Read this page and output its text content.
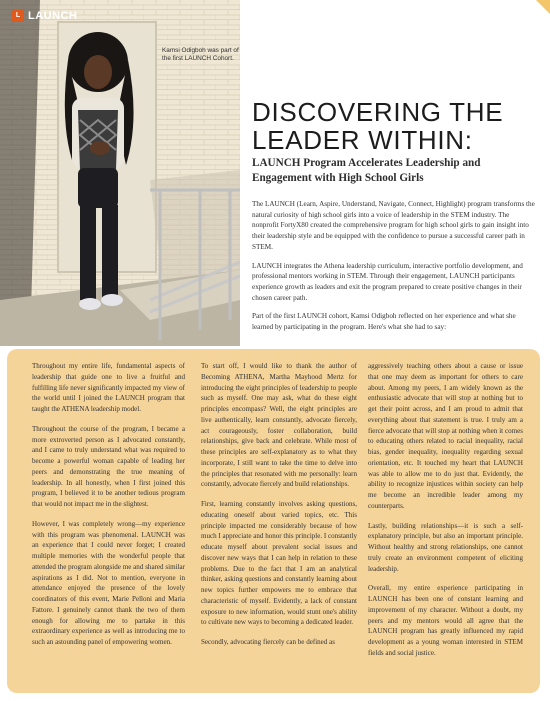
L LAUNCH

Kamsi Odigboh was part of the first LAUNCH Cohort.

DISCOVERING THE LEADER WITHIN:
LAUNCH Program Accelerates Leadership and Engagement with High School Girls

The LAUNCH (Learn, Aspire, Understand, Navigate, Connect, Highlight) program transforms the natural curiosity of high school girls into a voice of leadership in the STEM industry. The nonprofit FortyX80 created the comprehensive program for high school girls to gain insight into their leadership style and be equipped with the confidence to pursue a successful career path in STEM.

LAUNCH integrates the Athena leadership curriculum, interactive portfolio development, and professional mentors working in STEM. Through their engagement, LAUNCH participants experience growth as leaders and exit the program prepared to create positive changes in their chosen career path.

Part of the first LAUNCH cohort, Kamsi Odigboh reflected on her experience and what she learned by participating in the program. Here's what she had to say:

Throughout my entire life, fundamental aspects of leadership that guide one to live a fruitful and fulfilling life never significantly impacted my view of the world until I joined the LAUNCH program that taught the ATHENA leadership model.

Throughout the course of the program, I became a more extroverted person as I advocated constantly, and I came to truly understand what was required to become a powerful woman capable of leading her peers and demonstrating the true meaning of leadership. In all honestly, when I first joined this program, I believed it to be another tedious program that would not impact me in the slightest.

However, I was completely wrong—my experience with this program was phenomenal. LAUNCH was an experience that I could never forget; I created multiple memories with the wonderful people that attended the program alongside me and shared similar aspirations as I did. Not to mention, everyone in attendance enjoyed the presence of the lovely coordinators of this event, Marie Pelloni and Maria Fattore. I genuinely cannot thank the two of them enough for allowing me to partake in this extraordinary experience as well as introducing me to such an astounding panel of empowering women.

To start off, I would like to thank the author of Becoming ATHENA, Martha Mayhood Mertz for introducing the eight principles of leadership to people such as myself. One may ask, what do these eight principles encompass? Well, the eight principles are live authentically, learn constantly, advocate fiercely, act courageously, foster collaboration, build relationships, give back and celebrate. While most of these principles are self-explanatory as to what they incorporate, I still want to take the time to delve into the principles that resonated with me personally: learn constantly, advocate fiercely and build relationships.

First, learning constantly involves asking questions, educating oneself about varied topics, etc. This principle impacted me considerably because of how much I appreciate and honor this principle. I constantly educate myself about prevalent social issues and discover new ways that I can help in relation to these problems. Due to the fact that I am an analytical thinker, asking questions and constantly learning about new topics further empowers me to embrace that characteristic of myself. Evidently, a lack of constant exposure to new information, would stunt one's ability to cultivate new ways to becoming a dedicated leader.

Secondly, advocating fiercely can be defined as

aggressively teaching others about a cause or issue that one may deem as important for others to care about. Among my peers, I am widely known as the enthusiastic advocate that will stop at nothing but to get their point across, and I am proud to admit that everything about that statement is true. I truly am a fierce advocate that will stop at nothing when it comes to educating others related to racial inequality, racial bias, gender inequality, inequality regarding sexual orientation, etc. It touched my heart that LAUNCH was able to allow me to do just that. Evidently, the ability to recognize injustices within society can help me become an incredible leader among my counterparts.

Lastly, building relationships—it is such a self-explanatory principle, but also an important principle. Without healthy and strong relationships, one cannot truly create an environment competent of eliciting leadership.

Overall, my entire experience participating in LAUNCH has been one of constant learning and improvement of my character. Without a doubt, my peers and my mentors would all agree that the LAUNCH program has greatly influenced my rapid development as a young woman interested in STEM fields and social justice.
